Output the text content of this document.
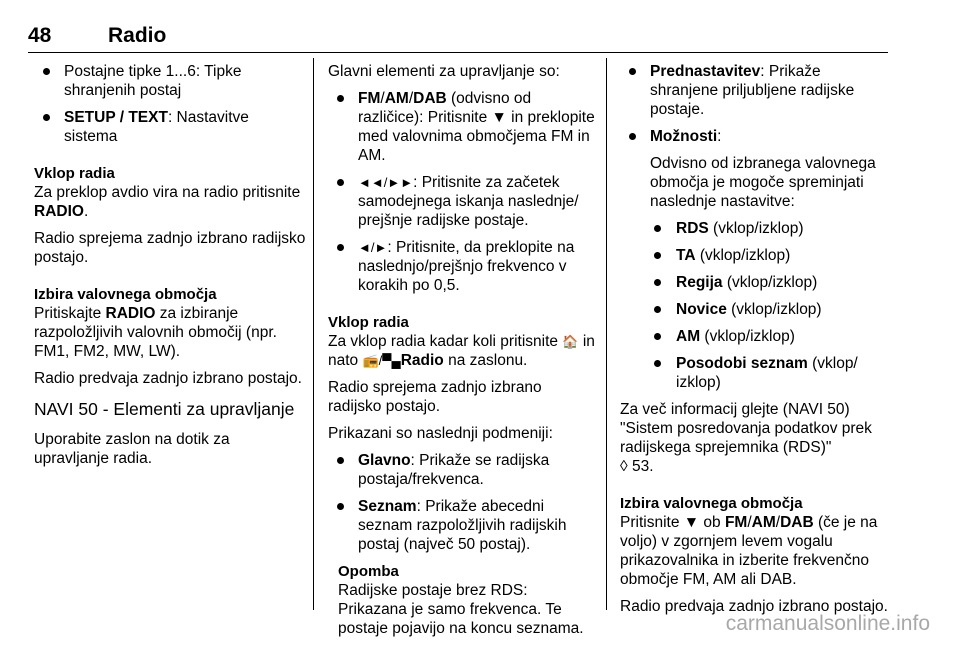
48	Radio
Postajne tipke 1...6: Tipke shranjenih postaj
SETUP / TEXT: Nastavitve sistema

Vklop radia

Za preklop avdio vira na radio pritisnite RADIO.

Radio sprejema zadnjo izbrano radijsko postajo.

Izbira valovnega območja

Pritiskajte RADIO za izbiranje razpoložljivih valovnih območij (npr. FM1, FM2, MW, LW).

Radio predvaja zadnjo izbrano postajo.

NAVI 50 - Elementi za upravljanje

Uporabite zaslon na dotik za upravljanje radia.

Glavni elementi za upravljanje so:

FM/AM/DAB (odvisno od različice): Pritisnite ▼ in preklopite med valovnima območjema FM in AM.
◄◄/►►: Pritisnite za začetek samodejnega iskanja naslednje/ prejšnje radijske postaje.
◄/►: Pritisnite, da preklopite na naslednjo/prejšnjo frekvenco v korakih po 0,5.

Vklop radia

Za vklop radia kadar koli pritisnite 🏠 in nato 📻/▀▄Radio na zaslonu.

Radio sprejema zadnjo izbrano radijsko postajo.

Prikazani so naslednji podmeniji:

Glavno: Prikaže se radijska postaja/frekvenca.
Seznam: Prikaže abecedni seznam razpoložljivih radijskih postaj (največ 50 postaj).

Opomba

Radijske postaje brez RDS: Prikazana je samo frekvenca. Te postaje pojavijo na koncu seznama.

Prednastavitev: Prikaže shranjene priljubljene radijske postaje.
Možnosti:

Odvisno od izbranega valovnega območja je mogoče spreminjati naslednje nastavitve:

RDS (vklop/izklop)
TA (vklop/izklop)
Regija (vklop/izklop)
Novice (vklop/izklop)
AM (vklop/izklop)
Posodobi seznam (vklop/ izklop)

Za več informacij glejte (NAVI 50) "Sistem posredovanja podatkov prek radijskega sprejemnika (RDS)"
◊ 53.

Izbira valovnega območja

Pritisnite ▼ ob FM/AM/DAB (če je na voljo) v zgornjem levem vogalu prikazovalnika in izberite frekvenčno območje FM, AM ali DAB.

Radio predvaja zadnjo izbrano postajo.

carmanualsonline.info
